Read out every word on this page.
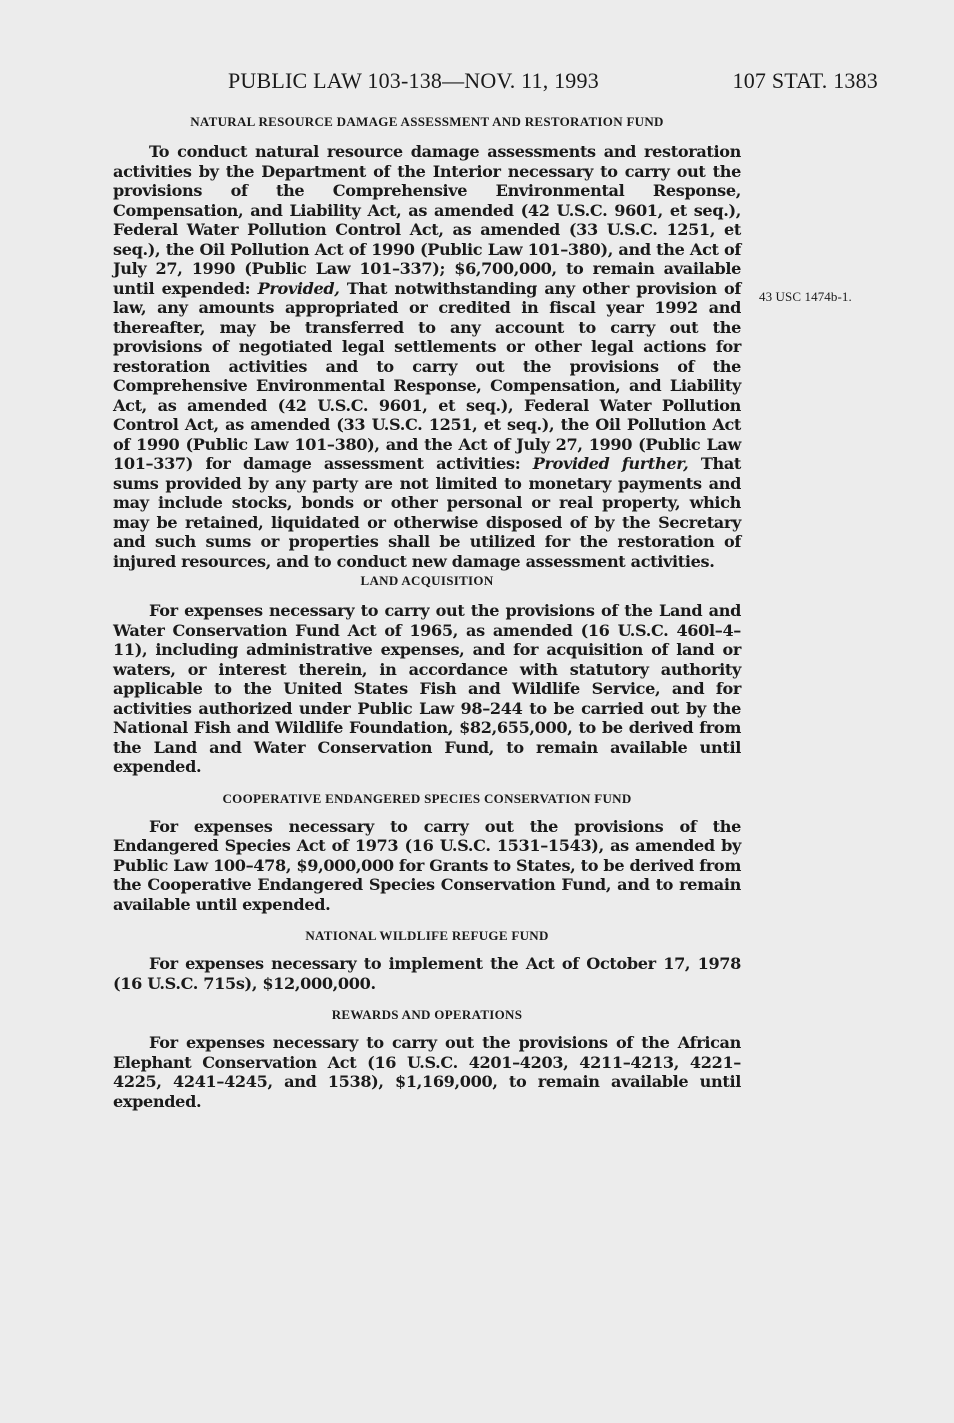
PUBLIC LAW 103-138—NOV. 11, 1993	107 STAT. 1383
43 USC 1474b-1.
NATURAL RESOURCE DAMAGE ASSESSMENT AND RESTORATION FUND

To conduct natural resource damage assessments and restoration activities by the Department of the Interior necessary to carry out the provisions of the Comprehensive Environmental Response, Compensation, and Liability Act, as amended (42 U.S.C. 9601, et seq.), Federal Water Pollution Control Act, as amended (33 U.S.C. 1251, et seq.), the Oil Pollution Act of 1990 (Public Law 101–380), and the Act of July 27, 1990 (Public Law 101–337); $6,700,000, to remain available until expended: Provided, That notwithstanding any other provision of law, any amounts appropriated or credited in fiscal year 1992 and thereafter, may be transferred to any account to carry out the provisions of negotiated legal settlements or other legal actions for restoration activities and to carry out the provisions of the Comprehensive Environmental Response, Compensation, and Liability Act, as amended (42 U.S.C. 9601, et seq.), Federal Water Pollution Control Act, as amended (33 U.S.C. 1251, et seq.), the Oil Pollution Act of 1990 (Public Law 101–380), and the Act of July 27, 1990 (Public Law 101–337) for damage assessment activities: Provided further, That sums provided by any party are not limited to monetary payments and may include stocks, bonds or other personal or real property, which may be retained, liquidated or otherwise disposed of by the Secretary and such sums or properties shall be utilized for the restoration of injured resources, and to conduct new damage assessment activities.

LAND ACQUISITION

For expenses necessary to carry out the provisions of the Land and Water Conservation Fund Act of 1965, as amended (16 U.S.C. 460l–4–11), including administrative expenses, and for acquisition of land or waters, or interest therein, in accordance with statutory authority applicable to the United States Fish and Wildlife Service, and for activities authorized under Public Law 98–244 to be carried out by the National Fish and Wildlife Foundation, $82,655,000, to be derived from the Land and Water Conservation Fund, to remain available until expended.

COOPERATIVE ENDANGERED SPECIES CONSERVATION FUND

For expenses necessary to carry out the provisions of the Endangered Species Act of 1973 (16 U.S.C. 1531–1543), as amended by Public Law 100–478, $9,000,000 for Grants to States, to be derived from the Cooperative Endangered Species Conservation Fund, and to remain available until expended.

NATIONAL WILDLIFE REFUGE FUND

For expenses necessary to implement the Act of October 17, 1978 (16 U.S.C. 715s), $12,000,000.

REWARDS AND OPERATIONS

For expenses necessary to carry out the provisions of the African Elephant Conservation Act (16 U.S.C. 4201–4203, 4211–4213, 4221–4225, 4241–4245, and 1538), $1,169,000, to remain available until expended.
